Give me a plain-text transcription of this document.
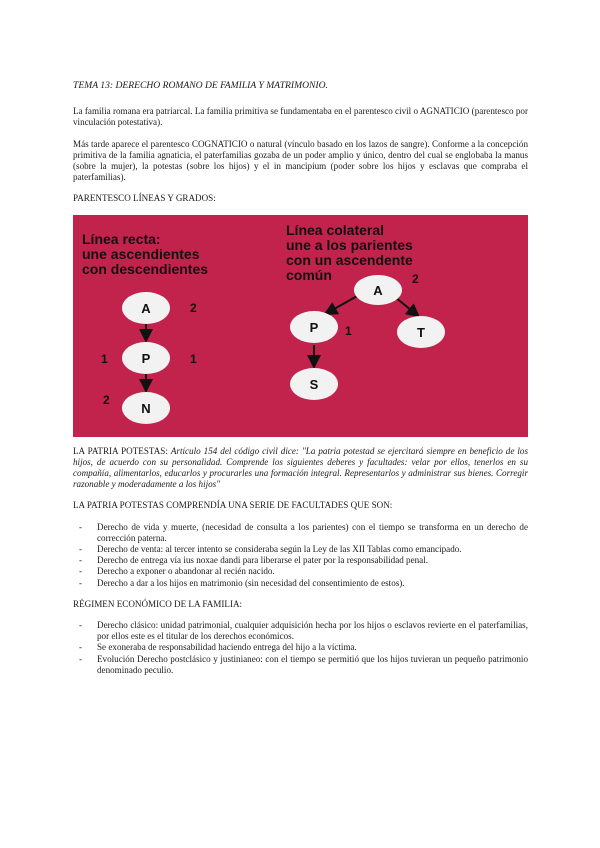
TEMA 13: DERECHO ROMANO DE FAMILIA Y MATRIMONIO.

La familia romana era patriarcal. La familia primitiva se fundamentaba en el parentesco civil o AGNATICIO (parentesco por vinculación potestativa).

Más tarde aparece el parentesco COGNATICIO o natural (vínculo basado en los lazos de sangre). Conforme a la concepción primitiva de la familia agnaticia, el paterfamilias gozaba de un poder amplio y único, dentro del cual se englobaba la manus (sobre la mujer), la potestas (sobre los hijos) y el in mancipium (poder sobre los hijos y esclavas que compraba el paterfamilias).

PARENTESCO LÍNEAS Y GRADOS:
Línea recta:
une ascendientes
con descendientes
Línea colateral
une a los parientes
con un ascendente
común
A
P
N
A
P	T
S
2
1	1
2
2
1

LA PATRIA POTESTAS: Artículo 154 del código civil dice: "La patria potestad se ejercitará siempre en beneficio de los hijos, de acuerdo con su personalidad. Comprende los siguientes deberes y facultades: velar por ellos, tenerlos en su compañía, alimentarlos, educarlos y procurarles una formación integral. Representarlos y administrar sus bienes. Corregir razonable y moderadamente a los hijos"

LA PATRIA POTESTAS COMPRENDÍA UNA SERIE DE FACULTADES QUE SON:
- Derecho de vida y muerte, (necesidad de consulta a los parientes) con el tiempo se transforma en un derecho de corrección paterna.
- Derecho de venta: al tercer intento se consideraba según la Ley de las XII Tablas como emancipado.
- Derecho de entrega vía ius noxae dandi para liberarse el pater por la responsabilidad penal.
- Derecho a exponer o abandonar al recién nacido.
- Derecho a dar a los hijos en matrimonio (sin necesidad del consentimiento de estos).
RÉGIMEN ECONÓMICO DE LA FAMILIA:
- Derecho clásico: unidad patrimonial, cualquier adquisición hecha por los hijos o esclavos revierte en el paterfamilias, por ellos este es el titular de los derechos económicos.
- Se exoneraba de responsabilidad haciendo entrega del hijo a la víctima.
- Evolución Derecho postclásico y justinianeo: con el tiempo se permitió que los hijos tuvieran un pequeño patrimonio denominado peculio.
